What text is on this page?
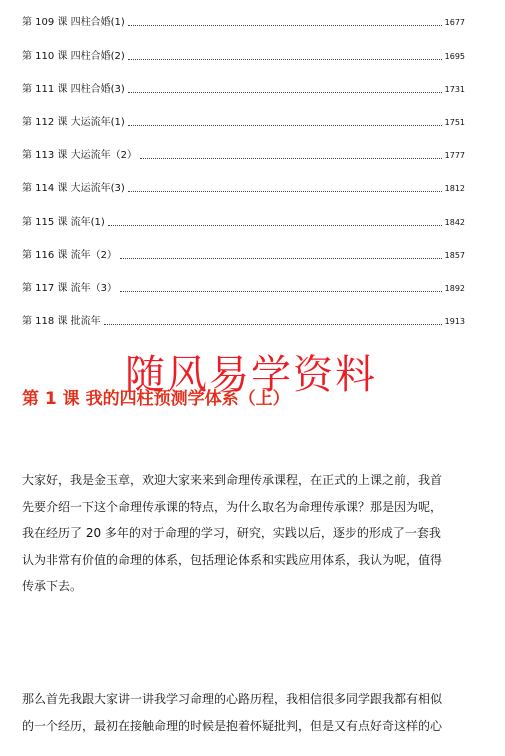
第 109 课 四柱合婚(1)	1677
第 110 课 四柱合婚(2)	1695
第 111 课 四柱合婚(3)	1731
第 112 课 大运流年(1)	1751
第 113 课 大运流年（2）	1777
第 114 课 大运流年(3)	1812
第 115 课 流年(1)	1842
第 116 课 流年（2）	1857
第 117 课 流年（3）	1892
第 118 课 批流年	1913
第 1 课 我的四柱预测学体系（上）
随风易学资料
大家好，我是金玉章，欢迎大家来来到命理传承课程，在正式的上课之前，我首
先要介绍一下这个命理传承课的特点，为什么取名为命理传承课？那是因为呢，
我在经历了 20 多年的对于命理的学习，研究，实践以后，逐步的形成了一套我
认为非常有价值的命理的体系，包括理论体系和实践应用体系，我认为呢，值得
传承下去。
那么首先我跟大家讲一讲我学习命理的心路历程，我相信很多同学跟我都有相似
的一个经历，最初在接触命理的时候是抱着怀疑批判，但是又有点好奇这样的心
